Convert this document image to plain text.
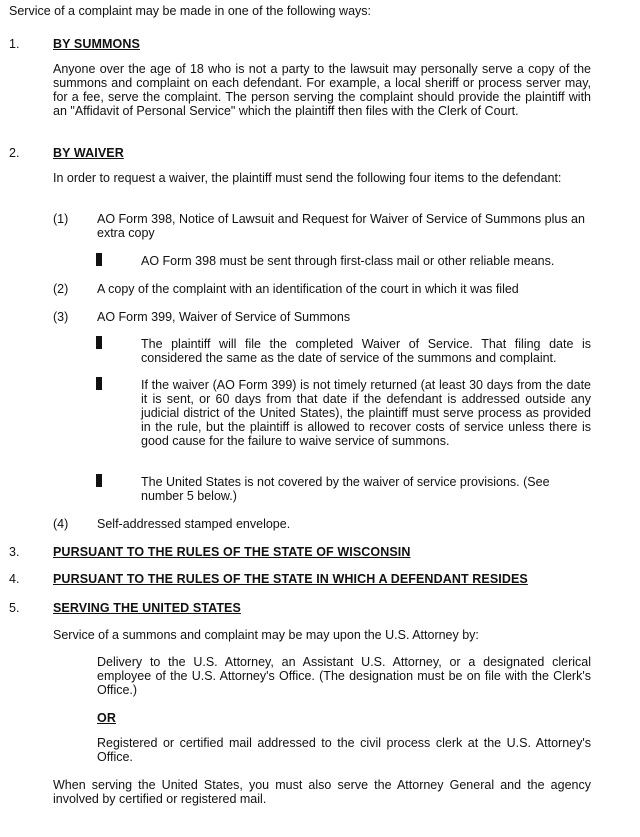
Service of a complaint may be made in one of the following ways:
1.	BY SUMMONS
Anyone over the age of 18 who is not a party to the lawsuit may personally serve a copy of the summons and complaint on each defendant. For example, a local sheriff or process server may, for a fee, serve the complaint. The person serving the complaint should provide the plaintiff with an "Affidavit of Personal Service" which the plaintiff then files with the Clerk of Court.
2.	BY WAIVER
In order to request a waiver, the plaintiff must send the following four items to the defendant:
(1) AO Form 398, Notice of Lawsuit and Request for Waiver of Service of Summons plus an extra copy
AO Form 398 must be sent through first-class mail or other reliable means.
(2) A copy of the complaint with an identification of the court in which it was filed
(3) AO Form 399, Waiver of Service of Summons
The plaintiff will file the completed Waiver of Service. That filing date is considered the same as the date of service of the summons and complaint.
If the waiver (AO Form 399) is not timely returned (at least 30 days from the date it is sent, or 60 days from that date if the defendant is addressed outside any judicial district of the United States), the plaintiff must serve process as provided in the rule, but the plaintiff is allowed to recover costs of service unless there is good cause for the failure to waive service of summons.
The United States is not covered by the waiver of service provisions. (See number 5 below.)
(4) Self-addressed stamped envelope.
3.	PURSUANT TO THE RULES OF THE STATE OF WISCONSIN
4.	PURSUANT TO THE RULES OF THE STATE IN WHICH A DEFENDANT RESIDES
5.	SERVING THE UNITED STATES
Service of a summons and complaint may be may upon the U.S. Attorney by:
Delivery to the U.S. Attorney, an Assistant U.S. Attorney, or a designated clerical employee of the U.S. Attorney's Office. (The designation must be on file with the Clerk's Office.)
OR
Registered or certified mail addressed to the civil process clerk at the U.S. Attorney's Office.
When serving the United States, you must also serve the Attorney General and the agency involved by certified or registered mail.
